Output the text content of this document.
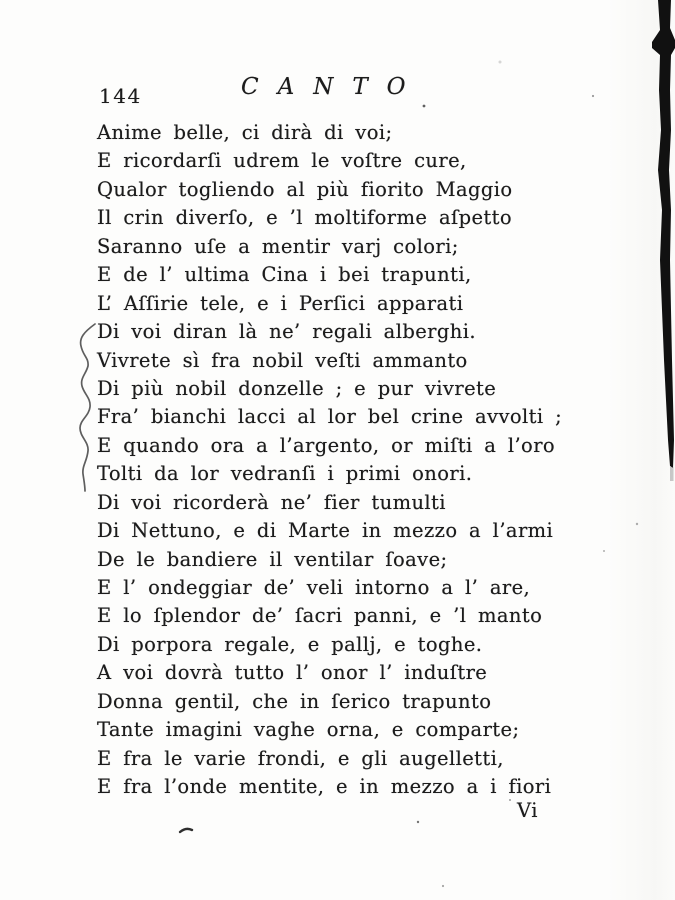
144	CANTO
Anime belle, ci dirà di voi;
E ricordarſi udrem le voſtre cure,
Qualor togliendo al più fiorito Maggio
Il crin diverſo, e ’l moltiforme aſpetto
Saranno uſe a mentir varj colori;
E de l’ ultima Cina i bei trapunti,
L’ Aſſirie tele, e i Perſici apparati
Di voi diran là ne’ regali alberghi.
Vivrete sì fra nobil veſti ammanto
Di più nobil donzelle ; e pur vivrete
Fra’ bianchi lacci al lor bel crine avvolti ;
E quando ora a l’argento, or miſti a l’oro
Tolti da lor vedranſi i primi onori.
Di voi ricorderà ne’ fier tumulti
Di Nettuno, e di Marte in mezzo a l’armi
De le bandiere il ventilar ſoave;
E l’ ondeggiar de’ veli intorno a l’ are,
E lo ſplendor de’ ſacri panni, e ’l manto
Di porpora regale, e pallj, e toghe.
A voi dovrà tutto l’ onor l’ induſtre
Donna gentil, che in ſerico trapunto
Tante imagini vaghe orna, e comparte;
E fra le varie frondi, e gli augelletti,
E fra l’onde mentite, e in mezzo a i fiori
Vi
